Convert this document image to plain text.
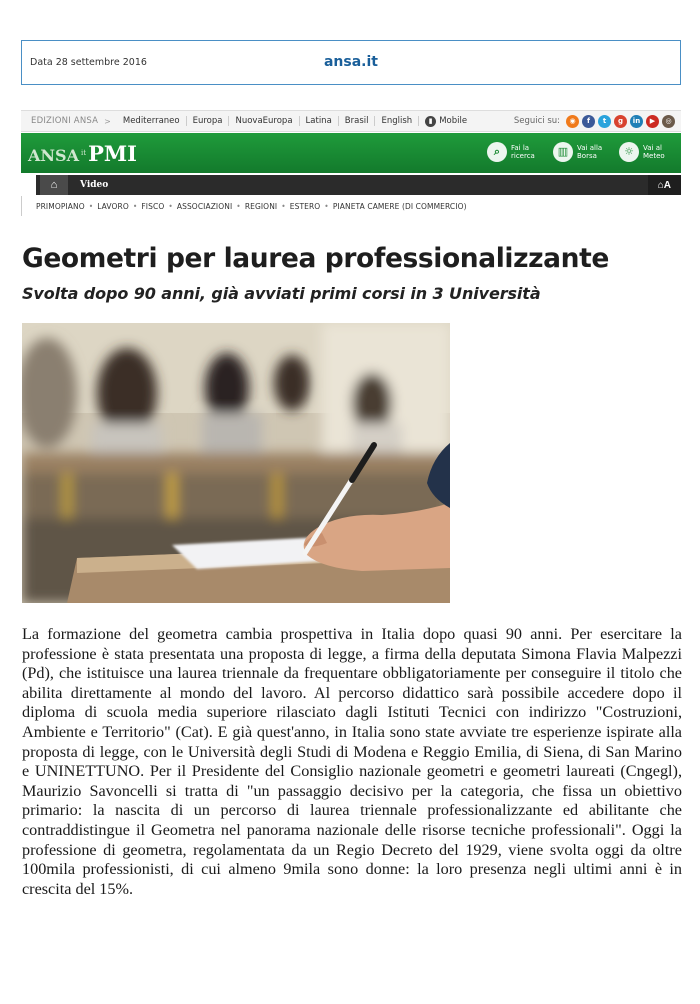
Data 28 settembre 2016	ansa.it
EDIZIONI ANSA >	Mediterraneo	Europa	NuovaEuropa	Latina	Brasil	English	▮ Mobile	Seguici su:	◉	f	t	g	in	▶	◎
ANSA it PMI	⌕	Fai la
ricerca	▥	Vai alla
Borsa	☼	Vai al
Meteo
⌂	Video	⌂ A
PRIMOPIANO • LAVORO • FISCO • ASSOCIAZIONI • REGIONI • ESTERO • PIANETA CAMERE (DI COMMERCIO)
Geometri per laurea professionalizzante
Svolta dopo 90 anni, già avviati primi corsi in 3 Università

La formazione del geometra cambia prospettiva in Italia dopo quasi 90 anni. Per esercitare la professione è stata presentata una proposta di legge, a firma della deputata Simona Flavia Malpezzi (Pd), che istituisce una laurea triennale da frequentare obbligatoriamente per conseguire il titolo che abilita direttamente al mondo del lavoro. Al percorso didattico sarà possibile accedere dopo il diploma di scuola media superiore rilasciato dagli Istituti Tecnici con indirizzo "Costruzioni, Ambiente e Territorio" (Cat). E già quest'anno, in Italia sono state avviate tre esperienze ispirate alla proposta di legge, con le Università degli Studi di Modena e Reggio Emilia, di Siena, di San Marino e UNINETTUNO. Per il Presidente del Consiglio nazionale geometri e geometri laureati (Cngegl), Maurizio Savoncelli si tratta di "un passaggio decisivo per la categoria, che fissa un obiettivo primario: la nascita di un percorso di laurea triennale professionalizzante ed abilitante che contraddistingue il Geometra nel panorama nazionale delle risorse tecniche professionali". Oggi la professione di geometra, regolamentata da un Regio Decreto del 1929, viene svolta oggi da oltre 100mila professionisti, di cui almeno 9mila sono donne: la loro presenza negli ultimi anni è in crescita del 15%.
